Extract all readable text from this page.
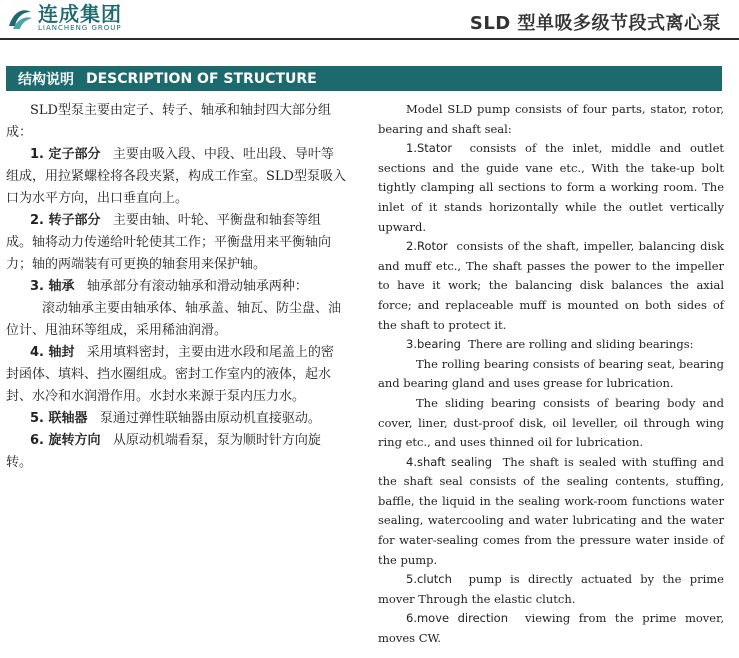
连成集团
LIANCHENG GROUP	SLD 型单吸多级节段式离心泵
结构说明 DESCRIPTION OF STRUCTURE

SLD型泵主要由定子、转子、轴承和轴封四大部分组成：

1. 定子部分 主要由吸入段、中段、吐出段、导叶等组成，用拉紧螺栓将各段夹紧，构成工作室。SLD型泵吸入口为水平方向，出口垂直向上。

2. 转子部分 主要由轴、叶轮、平衡盘和轴套等组成。轴将动力传递给叶轮使其工作；平衡盘用来平衡轴向力；轴的两端装有可更换的轴套用来保护轴。

3. 轴承 轴承部分有滚动轴承和滑动轴承两种：

滚动轴承主要由轴承体、轴承盖、轴瓦、防尘盘、油位计、甩油环等组成，采用稀油润滑。

4. 轴封 采用填料密封，主要由进水段和尾盖上的密封函体、填料、挡水圈组成。密封工作室内的液体，起水封、水冷和水润滑作用。水封水来源于泵内压力水。

5. 联轴器 泵通过弹性联轴器由原动机直接驱动。

6. 旋转方向 从原动机端看泵，泵为顺时针方向旋转。

Model SLD pump consists of four parts, stator, rotor, bearing and shaft seal:

1.Stator consists of the inlet, middle and outlet sections and the guide vane etc., With the take-up bolt tightly clamping all sections to form a working room. The inlet of it stands horizontally while the outlet vertically upward.

2.Rotor consists of the shaft, impeller, balancing disk and muff etc., The shaft passes the power to the impeller to have it work; the balancing disk balances the axial force; and replaceable muff is mounted on both sides of the shaft to protect it.

3.bearing There are rolling and sliding bearings:

The rolling bearing consists of bearing seat, bearing and bearing gland and uses grease for lubrication.

The sliding bearing consists of bearing body and cover, liner, dust-proof disk, oil leveller, oil through wing ring etc., and uses thinned oil for lubrication.

4.shaft sealing The shaft is sealed with stuffing and the shaft seal consists of the sealing contents, stuffing, baffle, the liquid in the sealing work-room functions water sealing, watercooling and water lubricating and the water for water-sealing comes from the pressure water inside of the pump.

5.clutch pump is directly actuated by the prime mover Through the elastic clutch.

6.move direction viewing from the prime mover, moves CW.
